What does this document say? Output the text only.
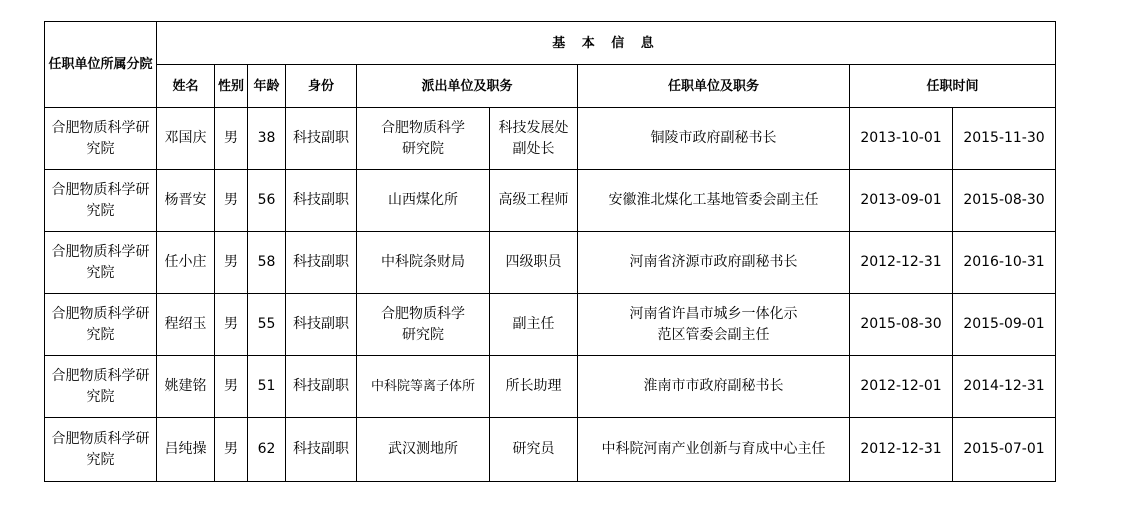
任职单位所属分院	基 本 信 息								
	姓名	性别	年龄	身份	派出单位及职务		任职单位及职务	任职时间	

合肥物质科学研究院	邓国庆	男	38	科技副职	合肥物质科学研究院	科技发展处副处长	铜陵市政府副秘书长	2013-10-01	2015-11-30

合肥物质科学研究院	杨晋安	男	56	科技副职	山西煤化所	高级工程师	安徽淮北煤化工基地管委会副主任	2013-09-01	2015-08-30

合肥物质科学研究院	任小庄	男	58	科技副职	中科院条财局	四级职员	河南省济源市政府副秘书长	2012-12-31	2016-10-31

合肥物质科学研究院	程绍玉	男	55	科技副职	合肥物质科学研究院	副主任	河南省许昌市城乡一体化示范区管委会副主任	2015-08-30	2015-09-01

合肥物质科学研究院	姚建铭	男	51	科技副职	中科院等离子体所	所长助理	淮南市市政府副秘书长	2012-12-01	2014-12-31

合肥物质科学研究院	吕纯操	男	62	科技副职	武汉测地所	研究员	中科院河南产业创新与育成中心主任	2012-12-31	2015-07-01
